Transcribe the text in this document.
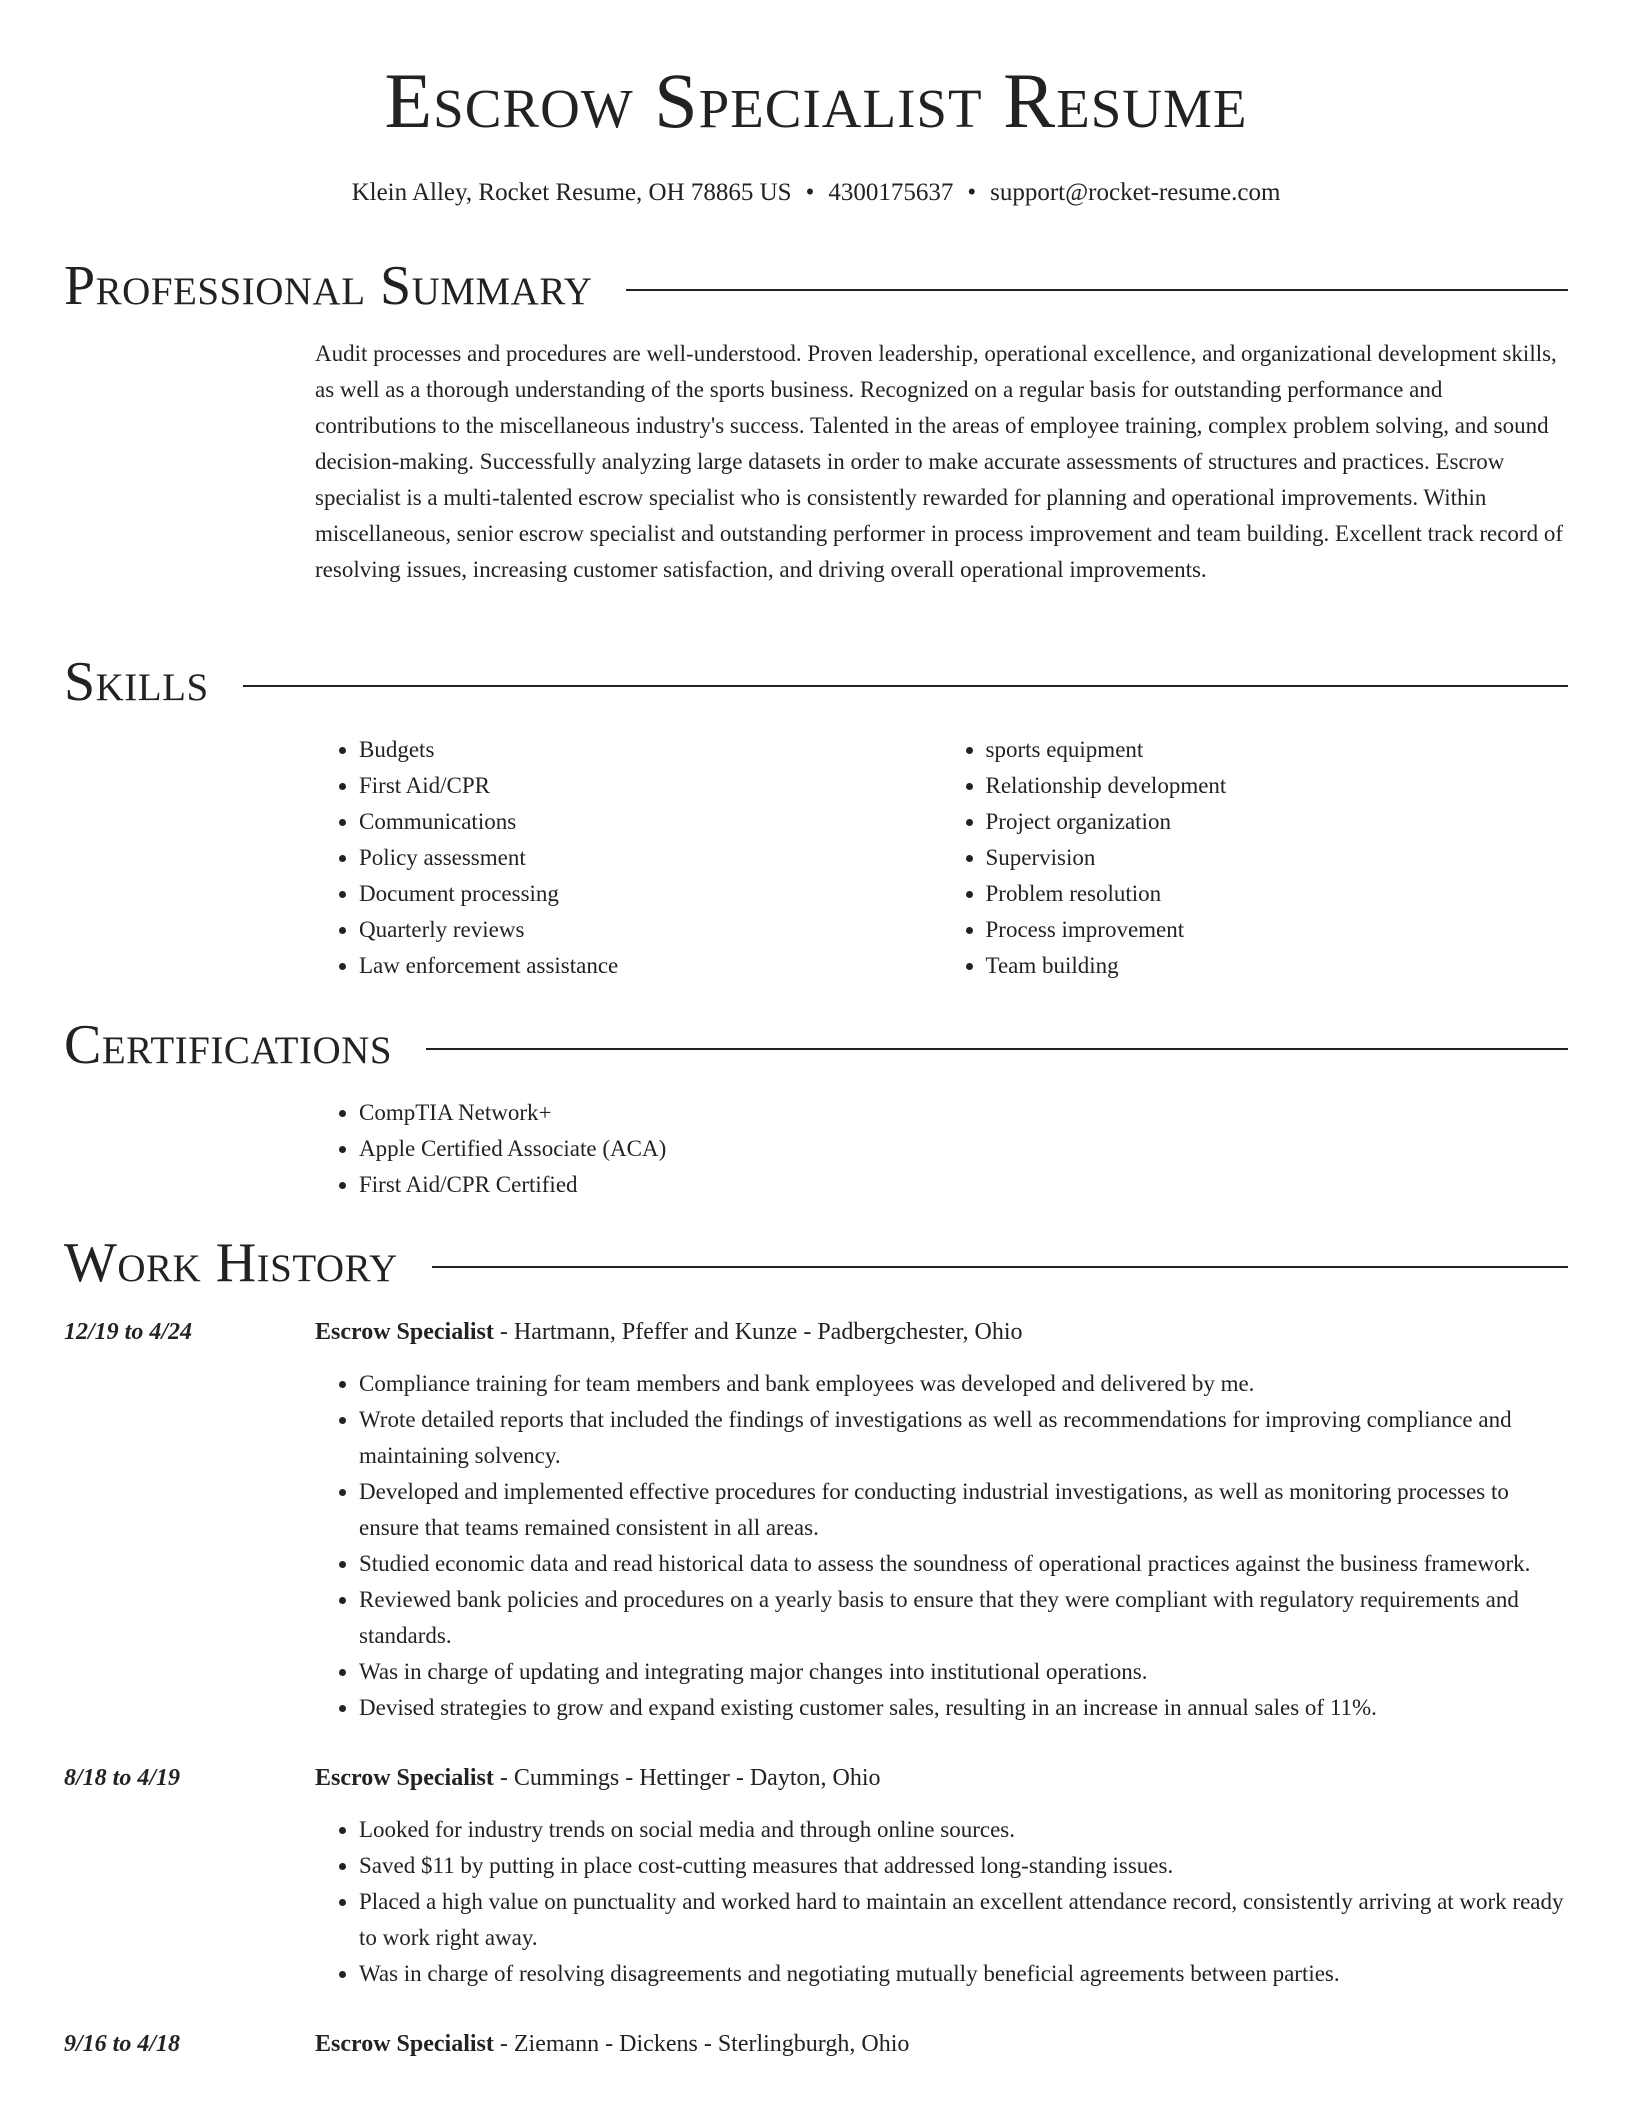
Escrow Specialist Resume
Klein Alley, Rocket Resume, OH 78865 US • 4300175637 • support@rocket-resume.com
Professional Summary
Audit processes and procedures are well-understood. Proven leadership, operational excellence, and organizational development skills, as well as a thorough understanding of the sports business. Recognized on a regular basis for outstanding performance and contributions to the miscellaneous industry's success. Talented in the areas of employee training, complex problem solving, and sound decision-making. Successfully analyzing large datasets in order to make accurate assessments of structures and practices. Escrow specialist is a multi-talented escrow specialist who is consistently rewarded for planning and operational improvements. Within miscellaneous, senior escrow specialist and outstanding performer in process improvement and team building. Excellent track record of resolving issues, increasing customer satisfaction, and driving overall operational improvements.
Skills
• Budgets
• First Aid/CPR
• Communications
• Policy assessment
• Document processing
• Quarterly reviews
• Law enforcement assistance
• sports equipment
• Relationship development
• Project organization
• Supervision
• Problem resolution
• Process improvement
• Team building
Certifications
• CompTIA Network+
• Apple Certified Associate (ACA)
• First Aid/CPR Certified
Work History
12/19 to 4/24	Escrow Specialist - Hartmann, Pfeffer and Kunze - Padbergchester, Ohio
• Compliance training for team members and bank employees was developed and delivered by me.
• Wrote detailed reports that included the findings of investigations as well as recommendations for improving compliance and maintaining solvency.
• Developed and implemented effective procedures for conducting industrial investigations, as well as monitoring processes to ensure that teams remained consistent in all areas.
• Studied economic data and read historical data to assess the soundness of operational practices against the business framework.
• Reviewed bank policies and procedures on a yearly basis to ensure that they were compliant with regulatory requirements and standards.
• Was in charge of updating and integrating major changes into institutional operations.
• Devised strategies to grow and expand existing customer sales, resulting in an increase in annual sales of 11%.
8/18 to 4/19	Escrow Specialist - Cummings - Hettinger - Dayton, Ohio
• Looked for industry trends on social media and through online sources.
• Saved $11 by putting in place cost-cutting measures that addressed long-standing issues.
• Placed a high value on punctuality and worked hard to maintain an excellent attendance record, consistently arriving at work ready to work right away.
• Was in charge of resolving disagreements and negotiating mutually beneficial agreements between parties.
9/16 to 4/18	Escrow Specialist - Ziemann - Dickens - Sterlingburgh, Ohio
